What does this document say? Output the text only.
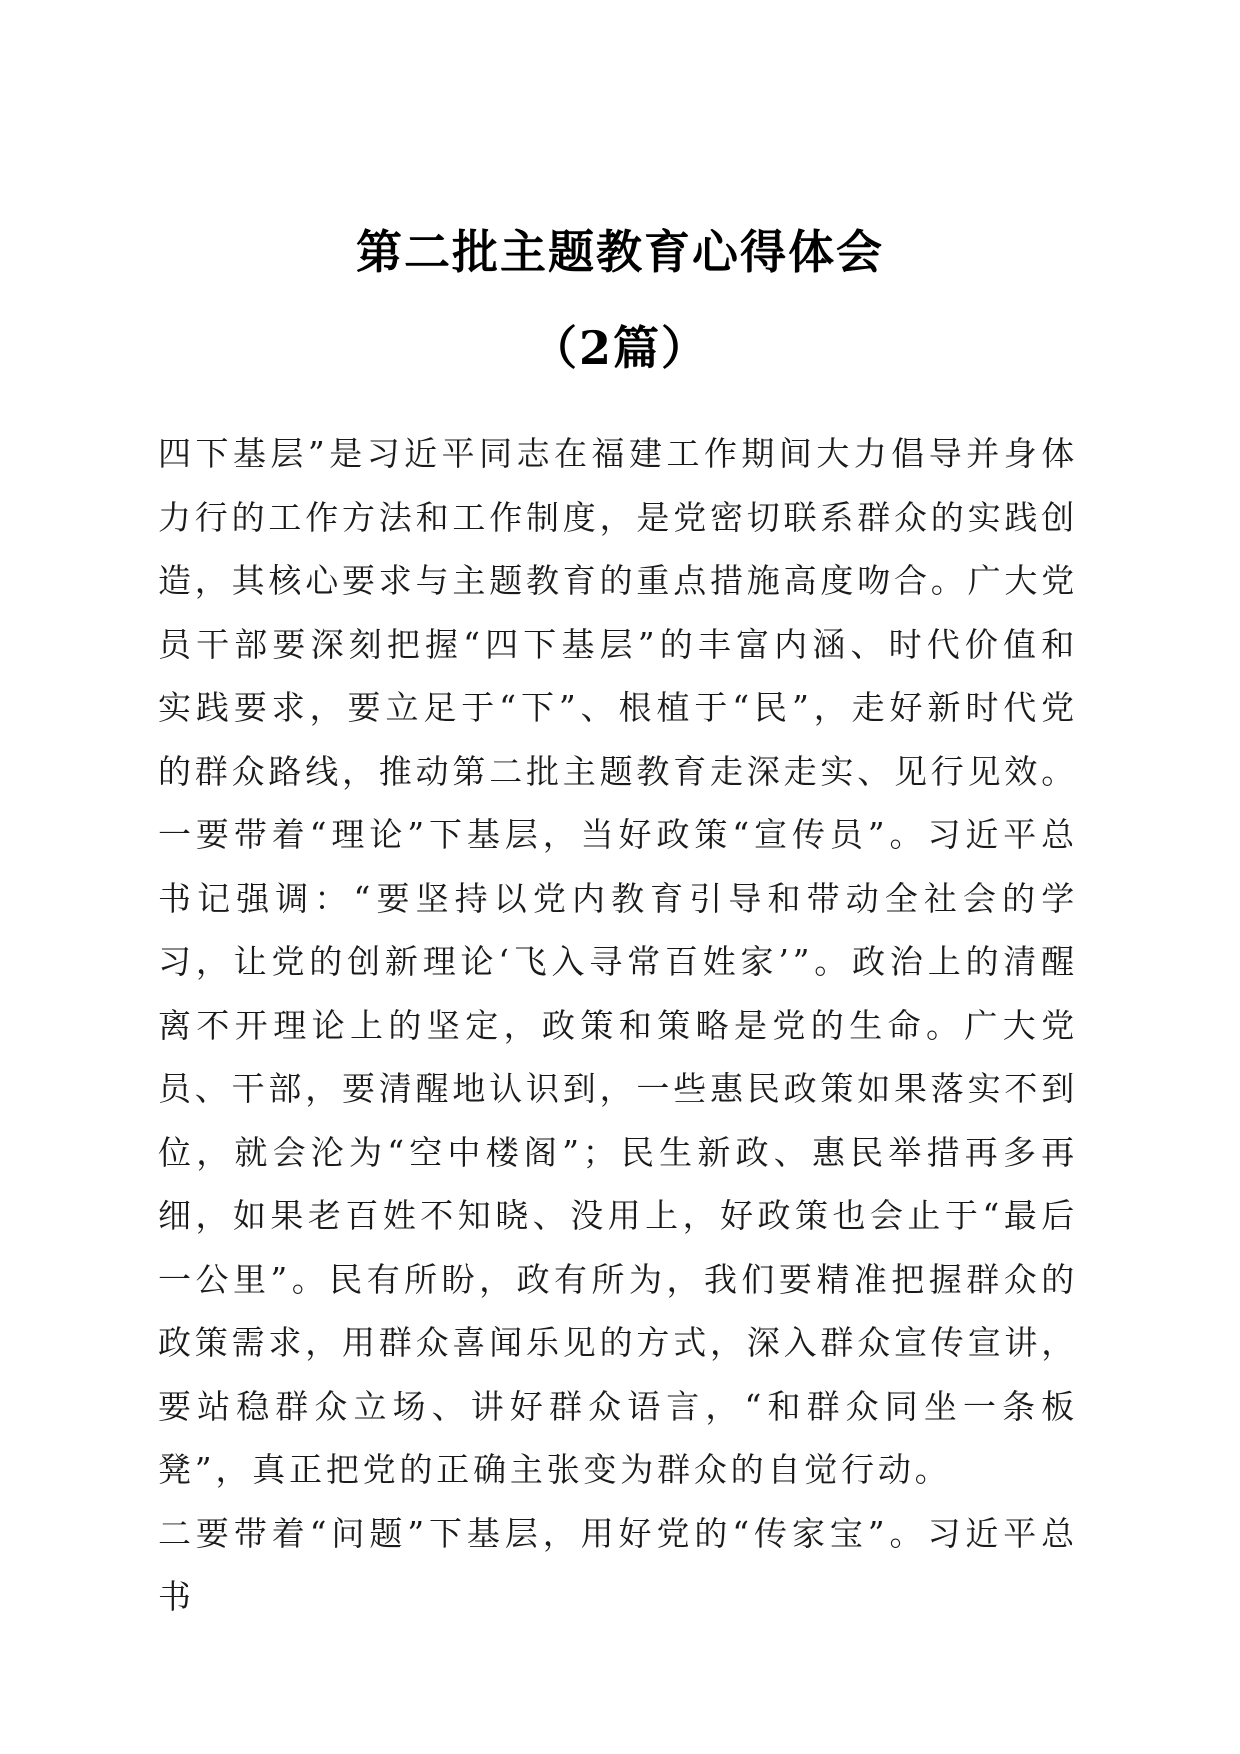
第二批主题教育心得体会
（2篇）

四下基层”是习近平同志在福建工作期间大力倡导并身体力行的工作方法和工作制度，是党密切联系群众的实践创造，其核心要求与主题教育的重点措施高度吻合。广大党员干部要深刻把握“四下基层”的丰富内涵、时代价值和实践要求，要立足于“下”、根植于“民”，走好新时代党的群众路线，推动第二批主题教育走深走实、见行见效。

一要带着“理论”下基层，当好政策“宣传员”。习近平总书记强调：“要坚持以党内教育引导和带动全社会的学习，让党的创新理论‘飞入寻常百姓家’”。政治上的清醒离不开理论上的坚定，政策和策略是党的生命。广大党员、干部，要清醒地认识到，一些惠民政策如果落实不到位，就会沦为“空中楼阁”；民生新政、惠民举措再多再细，如果老百姓不知晓、没用上，好政策也会止于“最后一公里”。民有所盼，政有所为，我们要精准把握群众的政策需求，用群众喜闻乐见的方式，深入群众宣传宣讲，要站稳群众立场、讲好群众语言，“和群众同坐一条板凳”，真正把党的正确主张变为群众的自觉行动。

二要带着“问题”下基层，用好党的“传家宝”。习近平总书
